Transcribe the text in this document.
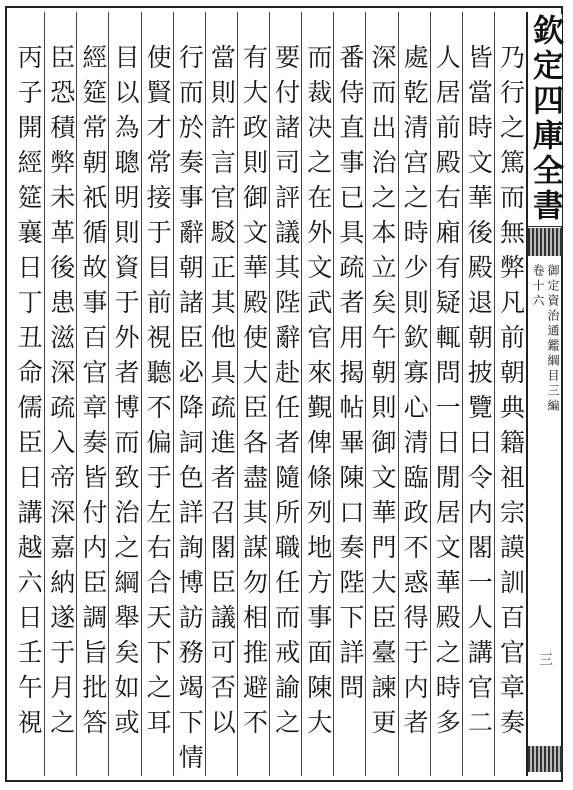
乃行之篤而無弊凡前朝典籍祖宗謨訓百官章奏
皆當時文華後殿退朝披覽日令内閣一人講官二
人居前殿右廂有疑輒問一日閒居文華殿之時多
處乾清宫之時少則欽寡心清臨政不惑得于内者
深而出治之本立矣午朝則御文華門大臣臺諫更
番侍直事已具疏者用揭帖畢陳口奏陛下詳問
而裁决之在外文武官來覲俾條列地方事面陳大
要付諸司評議其陛辭赴任者隨所職任而戒諭之
有大政則御文華殿使大臣各盡其謀勿相推避不
當則許言官駁正其他具疏進者召閣臣議可否以
行而於奏事辭朝諸臣必降詞色詳詢博訪務竭下情
使賢才常接于目前視聽不偏于左右合天下之耳
目以為聰明則資于外者博而致治之綱舉矣如或
經筵常朝祇循故事百官章奏皆付内臣調旨批答
臣恐積弊未革後患滋深疏入帝深嘉納遂于月之
丙子開經筵襄日丁丑命儒臣日講越六日壬午視	欽定四庫全書
卷十六 御定資治通鑑綱目三編
三
